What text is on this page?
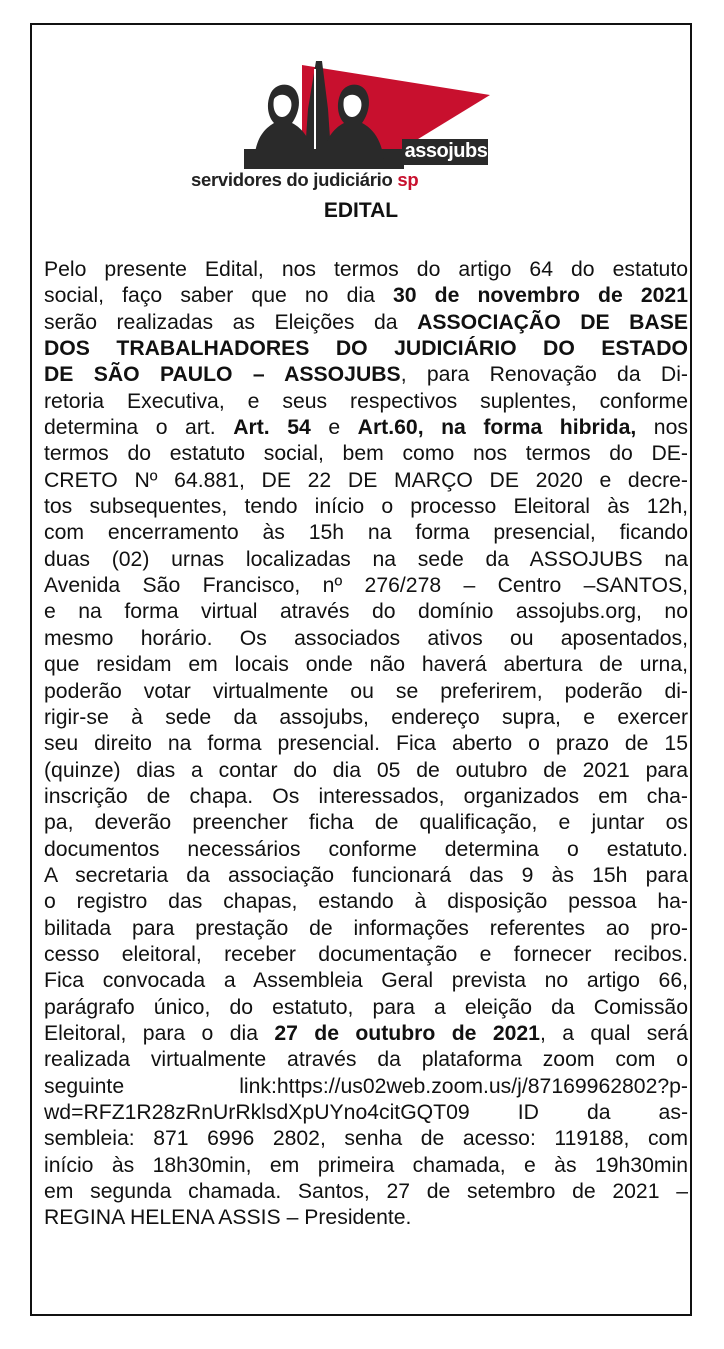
assojubs
servidores do judiciário sp
EDITAL
Pelo presente Edital, nos termos do artigo 64 do estatuto
social, faço saber que no dia 30 de novembro de 2021
serão realizadas as Eleições da ASSOCIAÇÃO DE BASE
DOS TRABALHADORES DO JUDICIÁRIO DO ESTADO
DE SÃO PAULO – ASSOJUBS, para Renovação da Di-
retoria Executiva, e seus respectivos suplentes, conforme
determina o art. Art. 54 e Art.60, na forma hibrida, nos
termos do estatuto social, bem como nos termos do DE-
CRETO Nº 64.881, DE 22 DE MARÇO DE 2020 e decre-
tos subsequentes, tendo início o processo Eleitoral às 12h,
com encerramento às 15h na forma presencial, ficando
duas (02) urnas localizadas na sede da ASSOJUBS na
Avenida São Francisco, nº 276/278 – Centro –SANTOS,
e na forma virtual através do domínio assojubs.org, no
mesmo horário. Os associados ativos ou aposentados,
que residam em locais onde não haverá abertura de urna,
poderão votar virtualmente ou se preferirem, poderão di-
rigir-se à sede da assojubs, endereço supra, e exercer
seu direito na forma presencial. Fica aberto o prazo de 15
(quinze) dias a contar do dia 05 de outubro de 2021 para
inscrição de chapa. Os interessados, organizados em cha-
pa, deverão preencher ficha de qualificação, e juntar os
documentos necessários conforme determina o estatuto.
A secretaria da associação funcionará das 9 às 15h para
o registro das chapas, estando à disposição pessoa ha-
bilitada para prestação de informações referentes ao pro-
cesso eleitoral, receber documentação e fornecer recibos.
Fica convocada a Assembleia Geral prevista no artigo 66,
parágrafo único, do estatuto, para a eleição da Comissão
Eleitoral, para o dia 27 de outubro de 2021, a qual será
realizada virtualmente através da plataforma zoom com o
seguinte link:https://us02web.zoom.us/j/87169962802?p-
wd=RFZ1R28zRnUrRklsdXpUYno4citGQT09 ID da as-
sembleia: 871 6996 2802, senha de acesso: 119188, com
início às 18h30min, em primeira chamada, e às 19h30min
em segunda chamada. Santos, 27 de setembro de 2021 –
REGINA HELENA ASSIS – Presidente.
